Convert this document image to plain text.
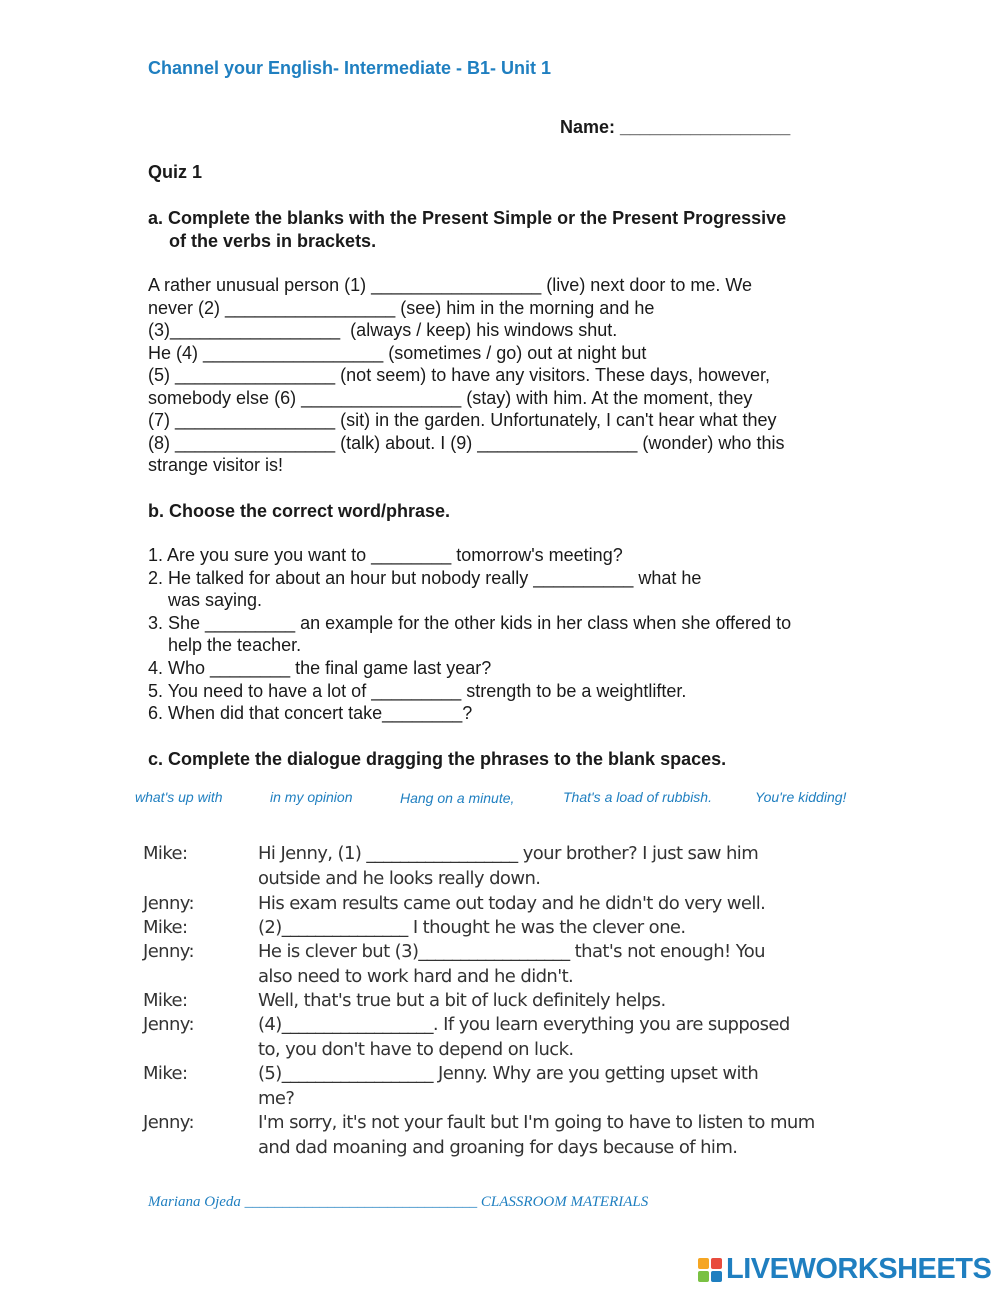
Channel your English- Intermediate - B1- Unit 1
Name: _________________
Quiz 1
a. Complete the blanks with the Present Simple or the Present Progressive
of the verbs in brackets.
A rather unusual person (1) _________________ (live) next door to me. We
never (2) _________________ (see) him in the morning and he
(3)_________________  (always / keep) his windows shut.
He (4) __________________ (sometimes / go) out at night but
(5) ________________ (not seem) to have any visitors. These days, however,
somebody else (6) ________________ (stay) with him. At the moment, they
(7) ________________ (sit) in the garden. Unfortunately, I can't hear what they
(8) ________________ (talk) about. I (9) ________________ (wonder) who this
strange visitor is!
b. Choose the correct word/phrase.
1. Are you sure you want to ________ tomorrow's meeting?
2. He talked for about an hour but nobody really __________ what he
was saying.
3. She _________ an example for the other kids in her class when she offered to
help the teacher.
4. Who ________ the final game last year?
5. You need to have a lot of _________ strength to be a weightlifter.
6. When did that concert take________?
c. Complete the dialogue dragging the phrases to the blank spaces.
what's up with	in my opinion	Hang on a minute,	That's a load of rubbish.	You're kidding!
Mike:	Hi Jenny, (1) __________________ your brother? I just saw him
outside and he looks really down.
Jenny:	His exam results came out today and he didn't do very well.
Mike:	(2)_______________ I thought he was the clever one.
Jenny:	He is clever but (3)__________________ that's not enough! You
also need to work hard and he didn't.
Mike:	Well, that's true but a bit of luck definitely helps.
Jenny:	(4)__________________. If you learn everything you are supposed
to, you don't have to depend on luck.
Mike:	(5)__________________ Jenny. Why are you getting upset with
me?
Jenny:	I'm sorry, it's not your fault but I'm going to have to listen to mum
and dad moaning and groaning for days because of him.
Mariana Ojeda _______________________________ CLASSROOM MATERIALS
LIVEWORKSHEETS
